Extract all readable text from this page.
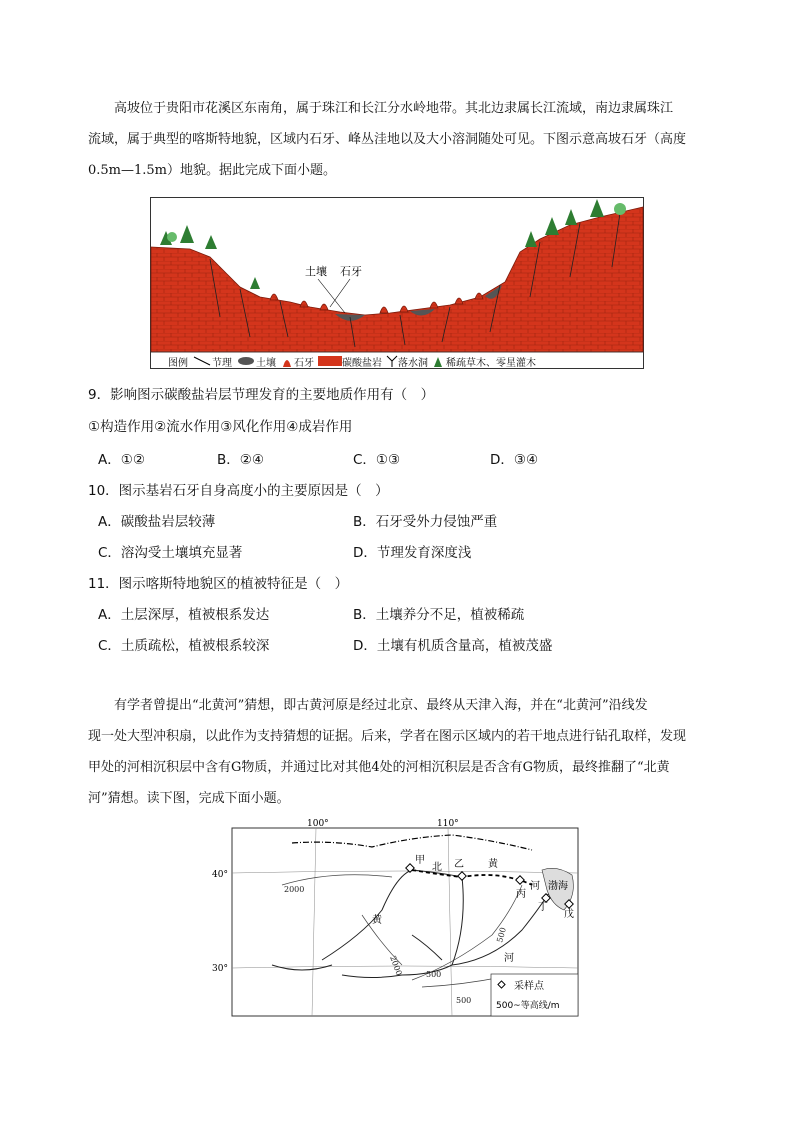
高坡位于贵阳市花溪区东南角，属于珠江和长江分水岭地带。其北边隶属长江流域，南边隶属珠江
流域，属于典型的喀斯特地貌，区域内石牙、峰丛洼地以及大小溶洞随处可见。下图示意高坡石牙（高度
0.5m—1.5m）地貌。据此完成下面小题。
土壤 石牙
图例 节理 土壤 石牙	碳酸盐岩 落水洞 稀疏草木、零星灌木
9．影响图示碳酸盐岩层节理发育的主要地质作用有（　）
①构造作用②流水作用③风化作用④成岩作用
A．①②	B．②④	C．①③	D．③④
10．图示基岩石牙自身高度小的主要原因是（　）
A．碳酸盐岩层较薄	B．石牙受外力侵蚀严重
C．溶沟受土壤填充显著	D．节理发育深度浅
11．图示喀斯特地貌区的植被特征是（　）
A．土层深厚，植被根系发达	B．土壤养分不足，植被稀疏
C．土质疏松，植被根系较深	D．土壤有机质含量高，植被茂盛
有学者曾提出“北黄河”猜想，即古黄河原是经过北京、最终从天津入海，并在“北黄河”沿线发
现一处大型冲积扇，以此作为支持猜想的证据。后来，学者在图示区域内的若干地点进行钻孔取样，发现
甲处的河相沉积层中含有G物质，并通过比对其他4处的河相沉积层是否含有G物质，最终推翻了“北黄
河”猜想。读下图，完成下面小题。
100°	110°
40°
30°
甲
北 乙 黄
丙
河 渤海
丁
戊
黄
河
2000
2000	500
500
500
采样点
500~等高线/m
